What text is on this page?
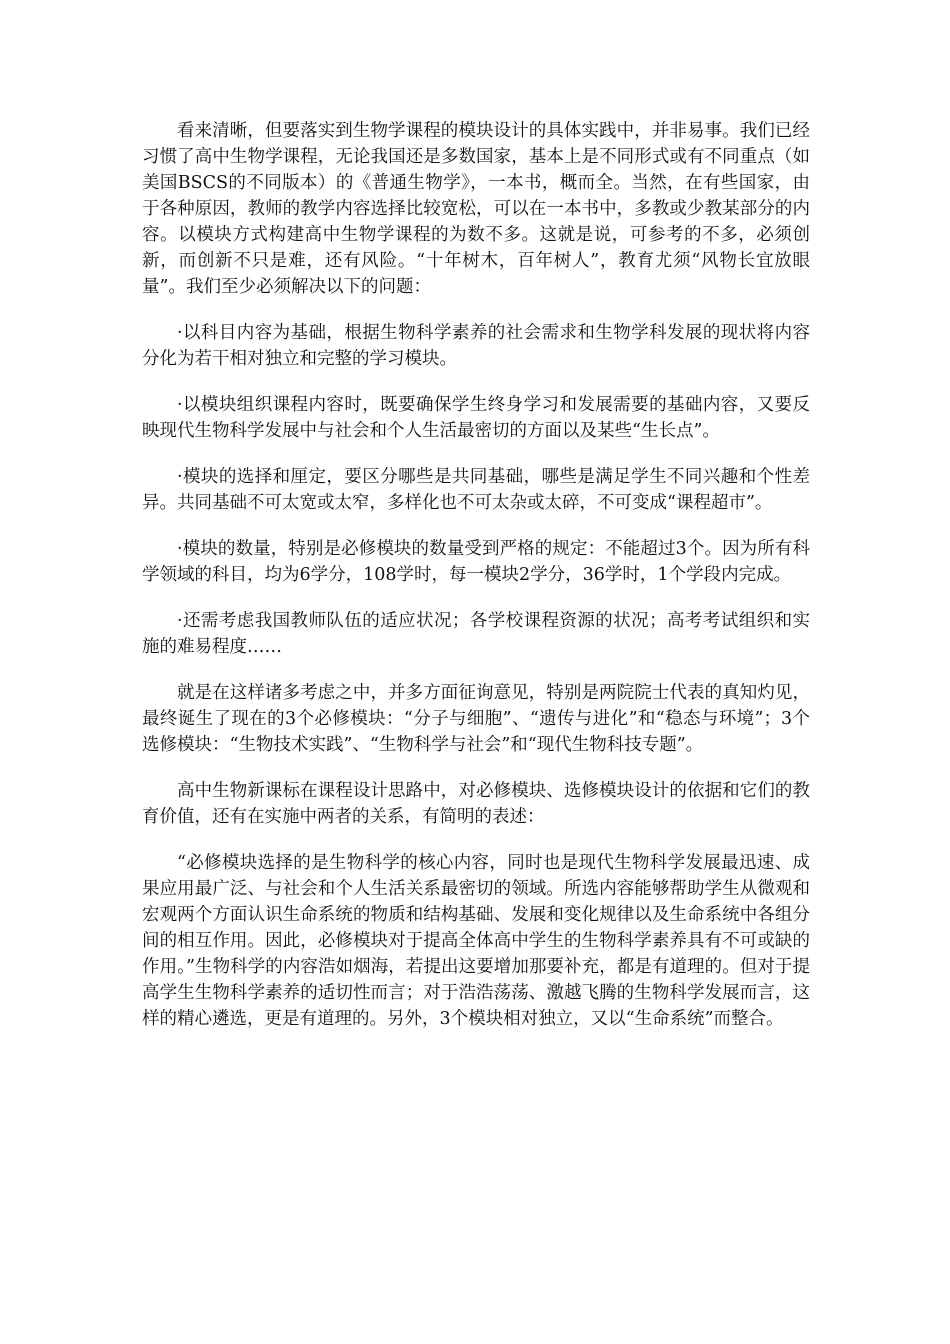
看来清晰，但要落实到生物学课程的模块设计的具体实践中，并非易事。我们已经习惯了高中生物学课程，无论我国还是多数国家，基本上是不同形式或有不同重点（如美国BSCS的不同版本）的《普通生物学》，一本书，概而全。当然，在有些国家，由于各种原因，教师的教学内容选择比较宽松，可以在一本书中，多教或少教某部分的内容。以模块方式构建高中生物学课程的为数不多。这就是说，可参考的不多，必须创新，而创新不只是难，还有风险。“十年树木，百年树人”，教育尤须“风物长宜放眼量”。我们至少必须解决以下的问题：

·以科目内容为基础，根据生物科学素养的社会需求和生物学科发展的现状将内容分化为若干相对独立和完整的学习模块。

·以模块组织课程内容时，既要确保学生终身学习和发展需要的基础内容，又要反映现代生物科学发展中与社会和个人生活最密切的方面以及某些“生长点”。

·模块的选择和厘定，要区分哪些是共同基础，哪些是满足学生不同兴趣和个性差异。共同基础不可太宽或太窄，多样化也不可太杂或太碎，不可变成“课程超市”。

·模块的数量，特别是必修模块的数量受到严格的规定：不能超过3个。因为所有科学领域的科目，均为6学分，108学时，每一模块2学分，36学时，1个学段内完成。

·还需考虑我国教师队伍的适应状况；各学校课程资源的状况；高考考试组织和实施的难易程度……

就是在这样诸多考虑之中，并多方面征询意见，特别是两院院士代表的真知灼见，最终诞生了现在的3个必修模块：“分子与细胞”、“遗传与进化”和“稳态与环境”；3个选修模块：“生物技术实践”、“生物科学与社会”和“现代生物科技专题”。

高中生物新课标在课程设计思路中，对必修模块、选修模块设计的依据和它们的教育价值，还有在实施中两者的关系，有简明的表述：

“必修模块选择的是生物科学的核心内容，同时也是现代生物科学发展最迅速、成果应用最广泛、与社会和个人生活关系最密切的领域。所选内容能够帮助学生从微观和宏观两个方面认识生命系统的物质和结构基础、发展和变化规律以及生命系统中各组分间的相互作用。因此，必修模块对于提高全体高中学生的生物科学素养具有不可或缺的作用。”生物科学的内容浩如烟海，若提出这要增加那要补充，都是有道理的。但对于提高学生生物科学素养的适切性而言；对于浩浩荡荡、激越飞腾的生物科学发展而言，这样的精心遴选，更是有道理的。另外，3个模块相对独立，又以“生命系统”而整合。
